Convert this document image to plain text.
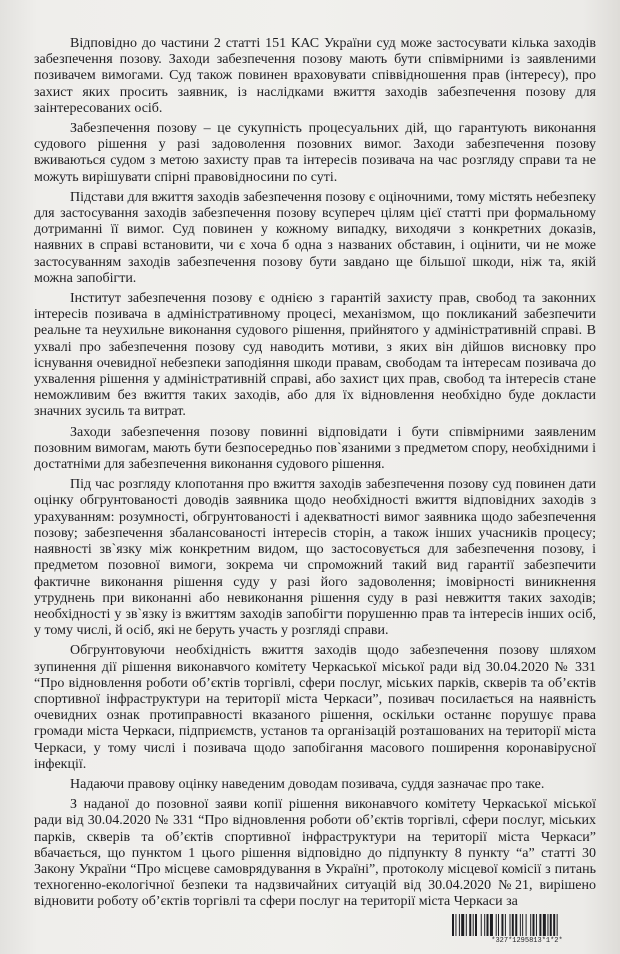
Відповідно до частини 2 статті 151 КАС України суд може застосувати кілька заходів забезпечення позову. Заходи забезпечення позову мають бути співмірними із заявленими позивачем вимогами. Суд також повинен враховувати співвідношення прав (інтересу), про захист яких просить заявник, із наслідками вжиття заходів забезпечення позову для заінтересованих осіб.

Забезпечення позову – це сукупність процесуальних дій, що гарантують виконання судового рішення у разі задоволення позовних вимог. Заходи забезпечення позову вживаються судом з метою захисту прав та інтересів позивача на час розгляду справи та не можуть вирішувати спірні правовідносини по суті.

Підстави для вжиття заходів забезпечення позову є оціночними, тому містять небезпеку для застосування заходів забезпечення позову всупереч цілям цієї статті при формальному дотриманні її вимог. Суд повинен у кожному випадку, виходячи з конкретних доказів, наявних в справі встановити, чи є хоча б одна з названих обставин, і оцінити, чи не може застосуванням заходів забезпечення позову бути завдано ще більшої шкоди, ніж та, якій можна запобігти.

Інститут забезпечення позову є однією з гарантій захисту прав, свобод та законних інтересів позивача в адміністративному процесі, механізмом, що покликаний забезпечити реальне та неухильне виконання судового рішення, прийнятого у адміністративній справі. В ухвалі про забезпечення позову суд наводить мотиви, з яких він дійшов висновку про існування очевидної небезпеки заподіяння шкоди правам, свободам та інтересам позивача до ухвалення рішення у адміністративній справі, або захист цих прав, свобод та інтересів стане неможливим без вжиття таких заходів, або для їх відновлення необхідно буде докласти значних зусиль та витрат.

Заходи забезпечення позову повинні відповідати і бути співмірними заявленим позовним вимогам, мають бути безпосередньо пов`язаними з предметом спору, необхідними і достатніми для забезпечення виконання судового рішення.

Під час розгляду клопотання про вжиття заходів забезпечення позову суд повинен дати оцінку обгрунтованості доводів заявника щодо необхідності вжиття відповідних заходів з урахуванням: розумності, обгрунтованості і адекватності вимог заявника щодо забезпечення позову; забезпечення збалансованості інтересів сторін, а також інших учасників процесу; наявності зв`язку між конкретним видом, що застосовується для забезпечення позову, і предметом позовної вимоги, зокрема чи спроможний такий вид гарантії забезпечити фактичне виконання рішення суду у разі його задоволення; імовірності виникнення утруднень при виконанні або невиконання рішення суду в разі невжиття таких заходів; необхідності у зв`язку із вжиттям заходів запобігти порушенню прав та інтересів інших осіб, у тому числі, й осіб, які не беруть участь у розгляді справи.

Обгрунтовуючи необхідність вжиття заходів щодо забезпечення позову шляхом зупинення дії рішення виконавчого комітету Черкаської міської ради від 30.04.2020 № 331 “Про відновлення роботи об’єктів торгівлі, сфери послуг, міських парків, скверів та об’єктів спортивної інфраструктури на території міста Черкаси”, позивач посилається на наявність очевидних ознак протиправності вказаного рішення, оскільки останнє порушує права громади міста Черкаси, підприємств, установ та організацій розташованих на території міста Черкаси, у тому числі і позивача щодо запобігання масового поширення коронавірусної інфекції.

Надаючи правову оцінку наведеним доводам позивача, суддя зазначає про таке.

З наданої до позовної заяви копії рішення виконавчого комітету Черкаської міської ради від 30.04.2020 № 331 “Про відновлення роботи об’єктів торгівлі, сфери послуг, міських парків, скверів та об’єктів спортивної інфраструктури на території міста Черкаси” вбачається, що пунктом 1 цього рішення відповідно до підпункту 8 пункту “а” статті 30 Закону України “Про місцеве самоврядування в Україні”, протоколу місцевої комісії з питань техногенно-екологічної безпеки та надзвичайних ситуацій від 30.04.2020 №21, вирішено відновити роботу об’єктів торгівлі та сфери послуг на території міста Черкаси за

*327*1295813*1*2*
